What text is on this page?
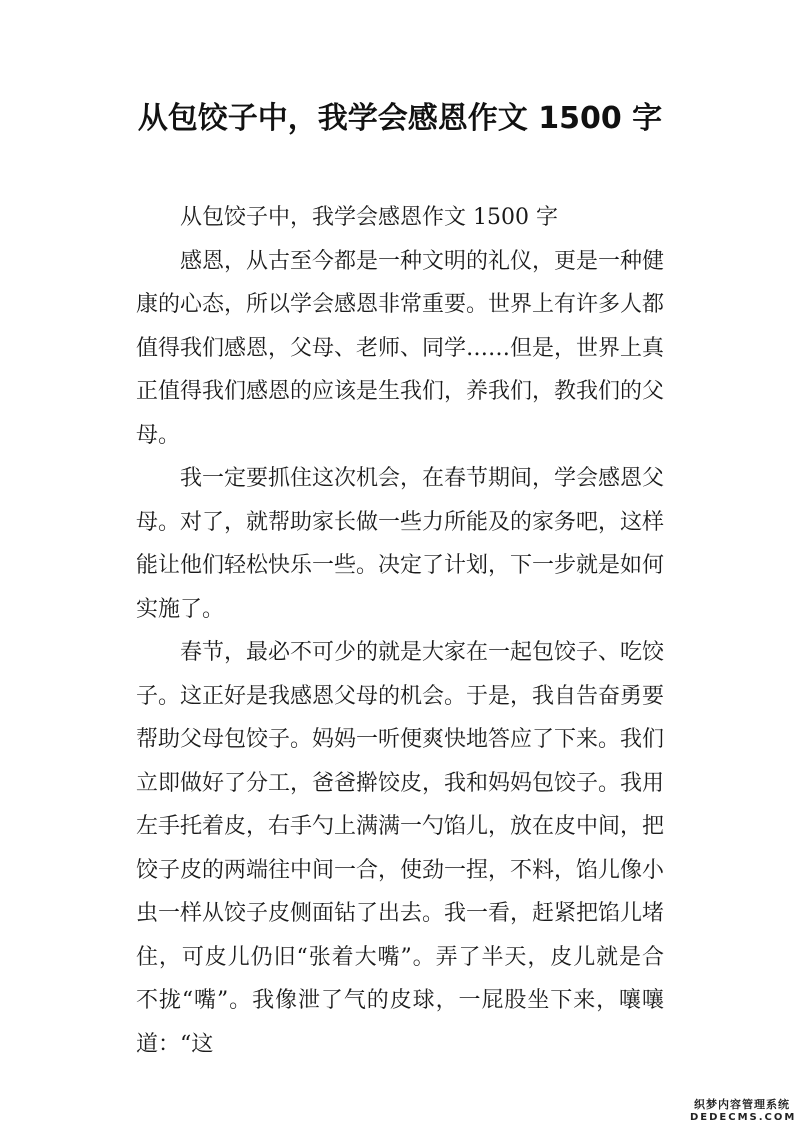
从包饺子中，我学会感恩作文 1500 字

从包饺子中，我学会感恩作文 1500 字

感恩，从古至今都是一种文明的礼仪，更是一种健康的心态，所以学会感恩非常重要。世界上有许多人都值得我们感恩，父母、老师、同学……但是，世界上真正值得我们感恩的应该是生我们，养我们，教我们的父母。

我一定要抓住这次机会，在春节期间，学会感恩父母。对了，就帮助家长做一些力所能及的家务吧，这样能让他们轻松快乐一些。决定了计划，下一步就是如何实施了。

春节，最必不可少的就是大家在一起包饺子、吃饺子。这正好是我感恩父母的机会。于是，我自告奋勇要帮助父母包饺子。妈妈一听便爽快地答应了下来。我们立即做好了分工，爸爸擀饺皮，我和妈妈包饺子。我用左手托着皮，右手勺上满满一勺馅儿，放在皮中间，把饺子皮的两端往中间一合，使劲一捏，不料，馅儿像小虫一样从饺子皮侧面钻了出去。我一看，赶紧把馅儿堵住，可皮儿仍旧“张着大嘴”。弄了半天，皮儿就是合不拢“嘴”。我像泄了气的皮球，一屁股坐下来，嚷嚷道：“这

织梦内容管理系统
DEDECMS.COM
